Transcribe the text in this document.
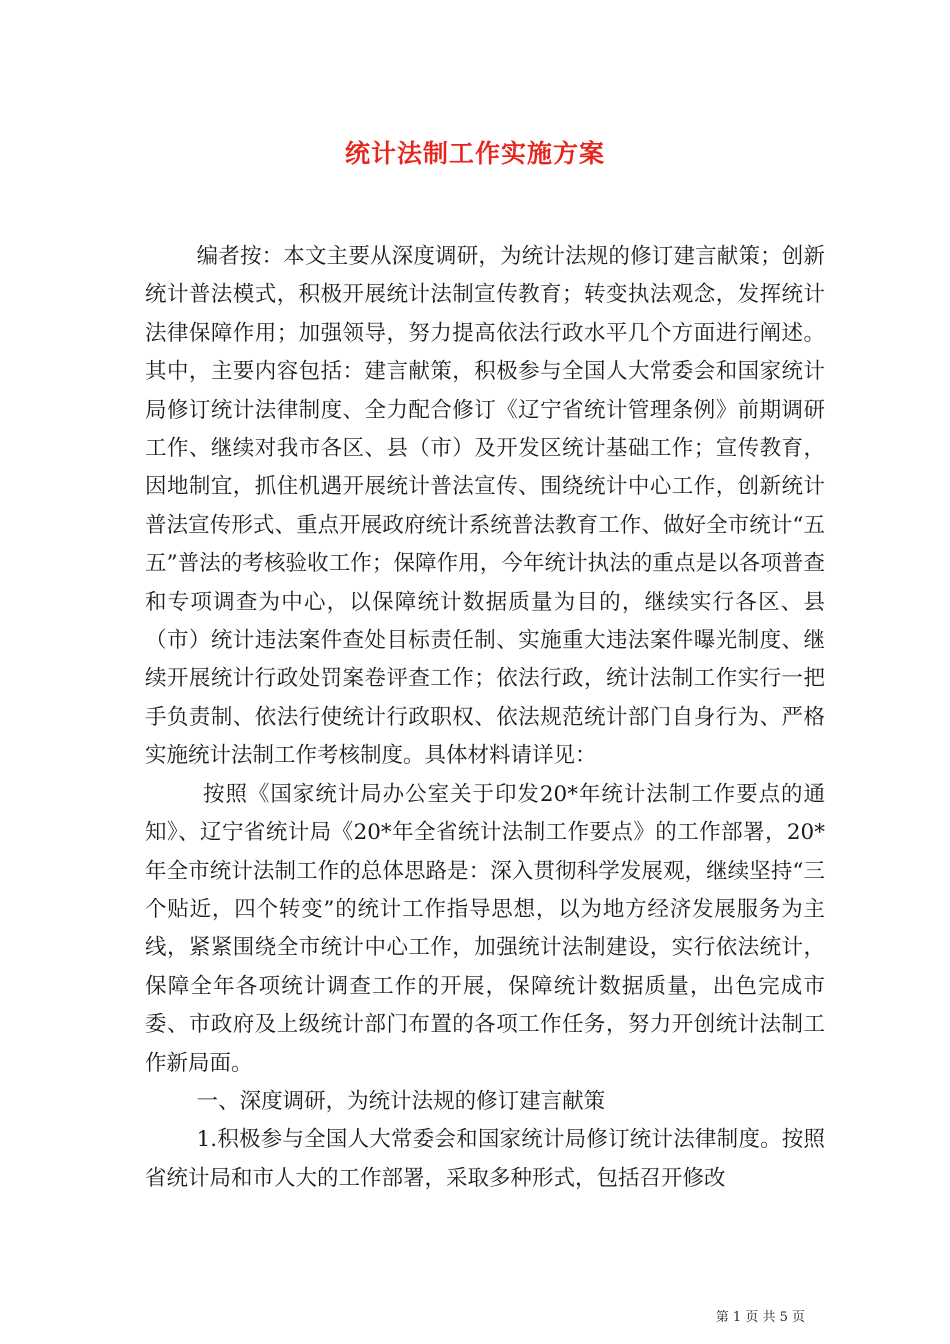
统计法制工作实施方案

编者按：本文主要从深度调研，为统计法规的修订建言献策；创新统计普法模式，积极开展统计法制宣传教育；转变执法观念，发挥统计法律保障作用；加强领导，努力提高依法行政水平几个方面进行阐述。其中，主要内容包括：建言献策，积极参与全国人大常委会和国家统计局修订统计法律制度、全力配合修订《辽宁省统计管理条例》前期调研工作、继续对我市各区、县（市）及开发区统计基础工作；宣传教育，因地制宜，抓住机遇开展统计普法宣传、围绕统计中心工作，创新统计普法宣传形式、重点开展政府统计系统普法教育工作、做好全市统计“五五”普法的考核验收工作；保障作用，今年统计执法的重点是以各项普查和专项调查为中心，以保障统计数据质量为目的，继续实行各区、县（市）统计违法案件查处目标责任制、实施重大违法案件曝光制度、继续开展统计行政处罚案卷评查工作；依法行政，统计法制工作实行一把手负责制、依法行使统计行政职权、依法规范统计部门自身行为、严格实施统计法制工作考核制度。具体材料请详见：

按照《国家统计局办公室关于印发20*年统计法制工作要点的通知》、辽宁省统计局《20*年全省统计法制工作要点》的工作部署，20*年全市统计法制工作的总体思路是：深入贯彻科学发展观，继续坚持“三个贴近，四个转变”的统计工作指导思想，以为地方经济发展服务为主线，紧紧围绕全市统计中心工作，加强统计法制建设，实行依法统计，保障全年各项统计调查工作的开展，保障统计数据质量，出色完成市委、市政府及上级统计部门布置的各项工作任务，努力开创统计法制工作新局面。

一、深度调研，为统计法规的修订建言献策

1.积极参与全国人大常委会和国家统计局修订统计法律制度。按照省统计局和市人大的工作部署，采取多种形式，包括召开修改

第 1 页 共 5 页
